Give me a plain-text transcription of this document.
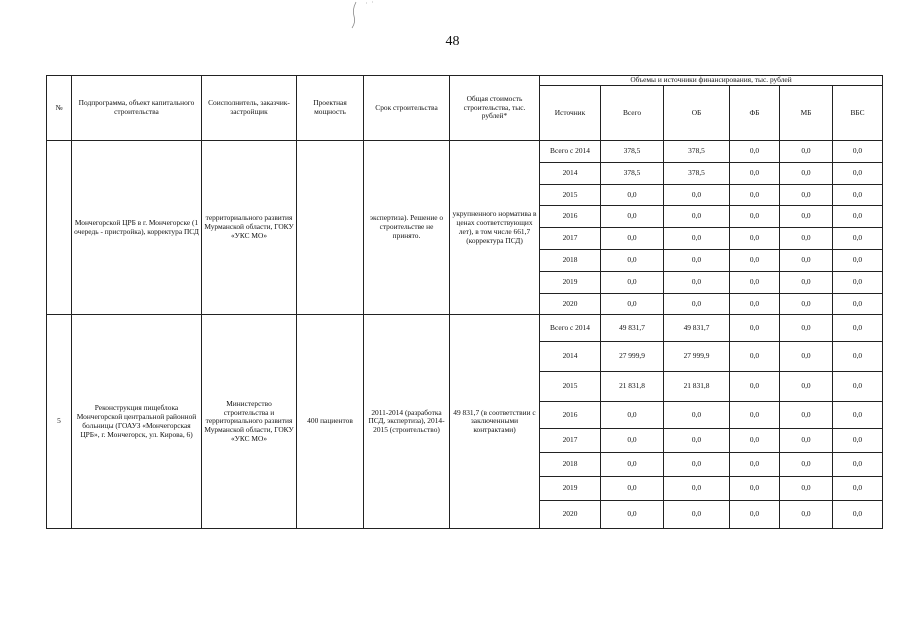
48
№	Подпрограмма, объект капитального строительства	Соисполнитель, заказчик-застройщик	Проектная мощность	Срок строительства	Общая стоимость строительства, тыс. рублей*	Объемы и источники финансирования, тыс. рублей					
						Источник	Всего	ОБ	ФБ	МБ	ВБС
	Мончегорской ЦРБ в г. Мончегорске (1 очередь - пристройка), корректура ПСД	территориального развития Мурманской области, ГОКУ «УКС МО»		экспертиза). Решение о строительстве не принято.	укрупненного норматива в ценах соответствующих лет), в том числе 661,7 (корректура ПСД)	Всего с 2014	378,5	378,5	0,0	0,0	0,0
						2014	378,5	378,5	0,0	0,0	0,0
						2015	0,0	0,0	0,0	0,0	0,0
						2016	0,0	0,0	0,0	0,0	0,0
						2017	0,0	0,0	0,0	0,0	0,0
						2018	0,0	0,0	0,0	0,0	0,0
						2019	0,0	0,0	0,0	0,0	0,0
						2020	0,0	0,0	0,0	0,0	0,0
5	Реконструкция пищеблока Мончегорской центральной районной больницы (ГОАУЗ «Мончегорская ЦРБ», г. Мончегорск, ул. Кирова, 6)	Министерство строительства и территориального развития Мурманской области, ГОКУ «УКС МО»	400 пациентов	2011-2014 (разработка ПСД, экспертиза), 2014-2015 (строительство)	49 831,7 (в соответствии с заключенными контрактами)	Всего с 2014	49 831,7	49 831,7	0,0	0,0	0,0
						2014	27 999,9	27 999,9	0,0	0,0	0,0
						2015	21 831,8	21 831,8	0,0	0,0	0,0
						2016	0,0	0,0	0,0	0,0	0,0
						2017	0,0	0,0	0,0	0,0	0,0
						2018	0,0	0,0	0,0	0,0	0,0
						2019	0,0	0,0	0,0	0,0	0,0
						2020	0,0	0,0	0,0	0,0	0,0
